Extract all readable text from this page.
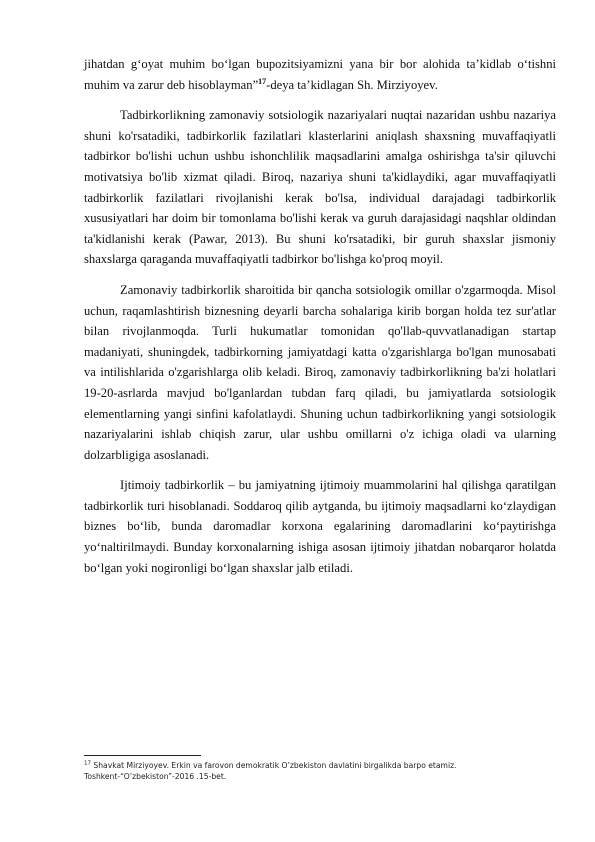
jihatdan g‘oyat muhim bo‘lgan bupozitsiyamizni yana bir bor alohida ta’kidlab o‘tishni muhim va zarur deb hisoblayman”$^{17}$-deya ta’kidlagan Sh. Mirziyoyev.

Tadbirkorlikning zamonaviy sotsiologik nazariyalari nuqtai nazaridan ushbu nazariya shuni ko'rsatadiki, tadbirkorlik fazilatlari klasterlarini aniqlash shaxsning muvaffaqiyatli tadbirkor bo'lishi uchun ushbu ishonchlilik maqsadlarini amalga oshirishga ta'sir qiluvchi motivatsiya bo'lib xizmat qiladi. Biroq, nazariya shuni ta'kidlaydiki, agar muvaffaqiyatli tadbirkorlik fazilatlari rivojlanishi kerak bo'lsa, individual darajadagi tadbirkorlik xususiyatlari har doim bir tomonlama bo'lishi kerak va guruh darajasidagi naqshlar oldindan ta'kidlanishi kerak (Pawar, 2013). Bu shuni ko'rsatadiki, bir guruh shaxslar jismoniy shaxslarga qaraganda muvaffaqiyatli tadbirkor bo'lishga ko'proq moyil.

Zamonaviy tadbirkorlik sharoitida bir qancha sotsiologik omillar o'zgarmoqda. Misol uchun, raqamlashtirish biznesning deyarli barcha sohalariga kirib borgan holda tez sur'atlar bilan rivojlanmoqda. Turli hukumatlar tomonidan qo'llab-quvvatlanadigan startap madaniyati, shuningdek, tadbirkorning jamiyatdagi katta o'zgarishlarga bo'lgan munosabati va intilishlarida o'zgarishlarga olib keladi. Biroq, zamonaviy tadbirkorlikning ba'zi holatlari 19-20-asrlarda mavjud bo'lganlardan tubdan farq qiladi, bu jamiyatlarda sotsiologik elementlarning yangi sinfini kafolatlaydi. Shuning uchun tadbirkorlikning yangi sotsiologik nazariyalarini ishlab chiqish zarur, ular ushbu omillarni o'z ichiga oladi va ularning dolzarbligiga asoslanadi.

Ijtimoiy tadbirkorlik – bu jamiyatning ijtimoiy muammolarini hal qilishga qaratilgan tadbirkorlik turi hisoblanadi. Soddaroq qilib aytganda, bu ijtimoiy maqsadlarni ko‘zlaydigan biznes bo‘lib, bunda daromadlar korxona egalarining daromadlarini ko‘paytirishga yo‘naltirilmaydi. Bunday korxonalarning ishiga asosan ijtimoiy jihatdan nobarqaror holatda bo‘lgan yoki nogironligi bo‘lgan shaxslar jalb etiladi.

$^{17}$ Shavkat Mirziyoyev. Erkin va farovon demokratik O’zbekiston davlatini birgalikda barpo etamiz.
Toshkent-“O’zbekiston”-2016 .15-bet.
